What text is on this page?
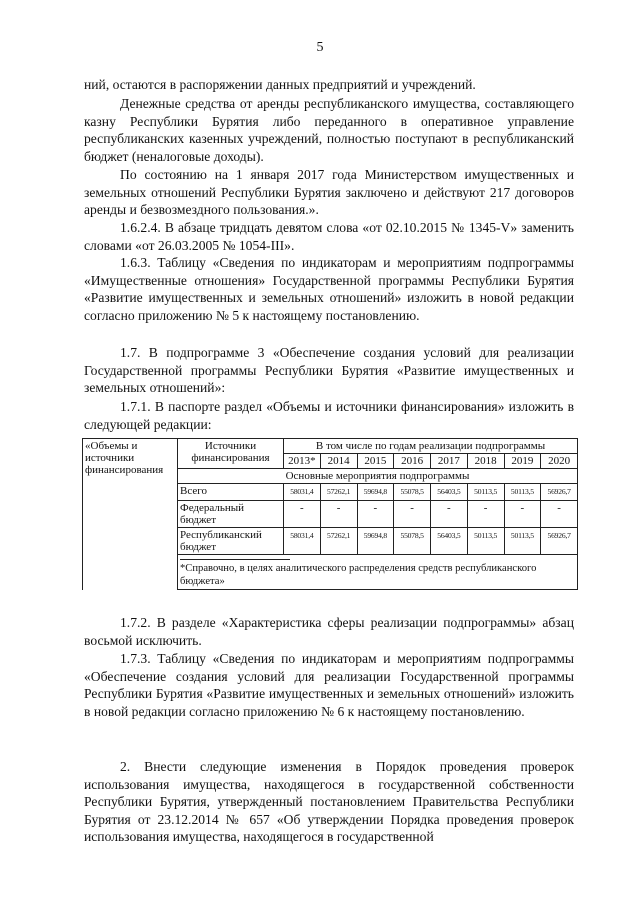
5
ний, остаются в распоряжении данных предприятий и учреждений.
Денежные средства от аренды республиканского имущества, составляющего казну Республики Бурятия либо переданного в оперативное управление республиканских казенных учреждений, полностью поступают в республиканский бюджет (неналоговые доходы).
По состоянию на 1 января 2017 года Министерством имущественных и земельных отношений Республики Бурятия заключено и действуют 217 договоров аренды и безвозмездного пользования.».
1.6.2.4. В абзаце тридцать девятом слова «от 02.10.2015 № 1345-V» заменить словами «от 26.03.2005 № 1054-III».
1.6.3. Таблицу «Сведения по индикаторам и мероприятиям подпрограммы «Имущественные отношения» Государственной программы Республики Бурятия «Развитие имущественных и земельных отношений» изложить в новой редакции согласно приложению № 5 к настоящему постановлению.
1.7. В подпрограмме 3 «Обеспечение создания условий для реализации Государственной программы Республики Бурятия «Развитие имущественных и земельных отношений»:
1.7.1. В паспорте раздел «Объемы и источники финансирования» изложить в следующей редакции:
«Объемы и источники финансирования	Источники финансирования	В том числе по годам реализации подпрограммы							
		2013*	2014	2015	2016	2017	2018	2019	2020
	Основные мероприятия подпрограммы								
	Всего	58031,4	57262,1	59694,8	55078,5	56403,5	50113,5	50113,5	56926,7
	Федеральный бюджет	-	-	-	-	-	-	-	-
	Республиканский бюджет	58031,4	57262,1	59694,8	55078,5	56403,5	50113,5	50113,5	56926,7

	*Справочно, в целях аналитического распределения средств республиканского бюджета»								
1.7.2. В разделе «Характеристика сферы реализации подпрограммы» абзац восьмой исключить.
1.7.3. Таблицу «Сведения по индикаторам и мероприятиям подпрограммы «Обеспечение создания условий для реализации Государственной программы Республики Бурятия «Развитие имущественных и земельных отношений» изложить в новой редакции согласно приложению № 6 к настоящему постановлению.
2. Внести следующие изменения в Порядок проведения проверок использования имущества, находящегося в государственной собственности Республики Бурятия, утвержденный постановлением Правительства Республики Бурятия от 23.12.2014 № 657 «Об утверждении Порядка проведения проверок использования имущества, находящегося в государственной
